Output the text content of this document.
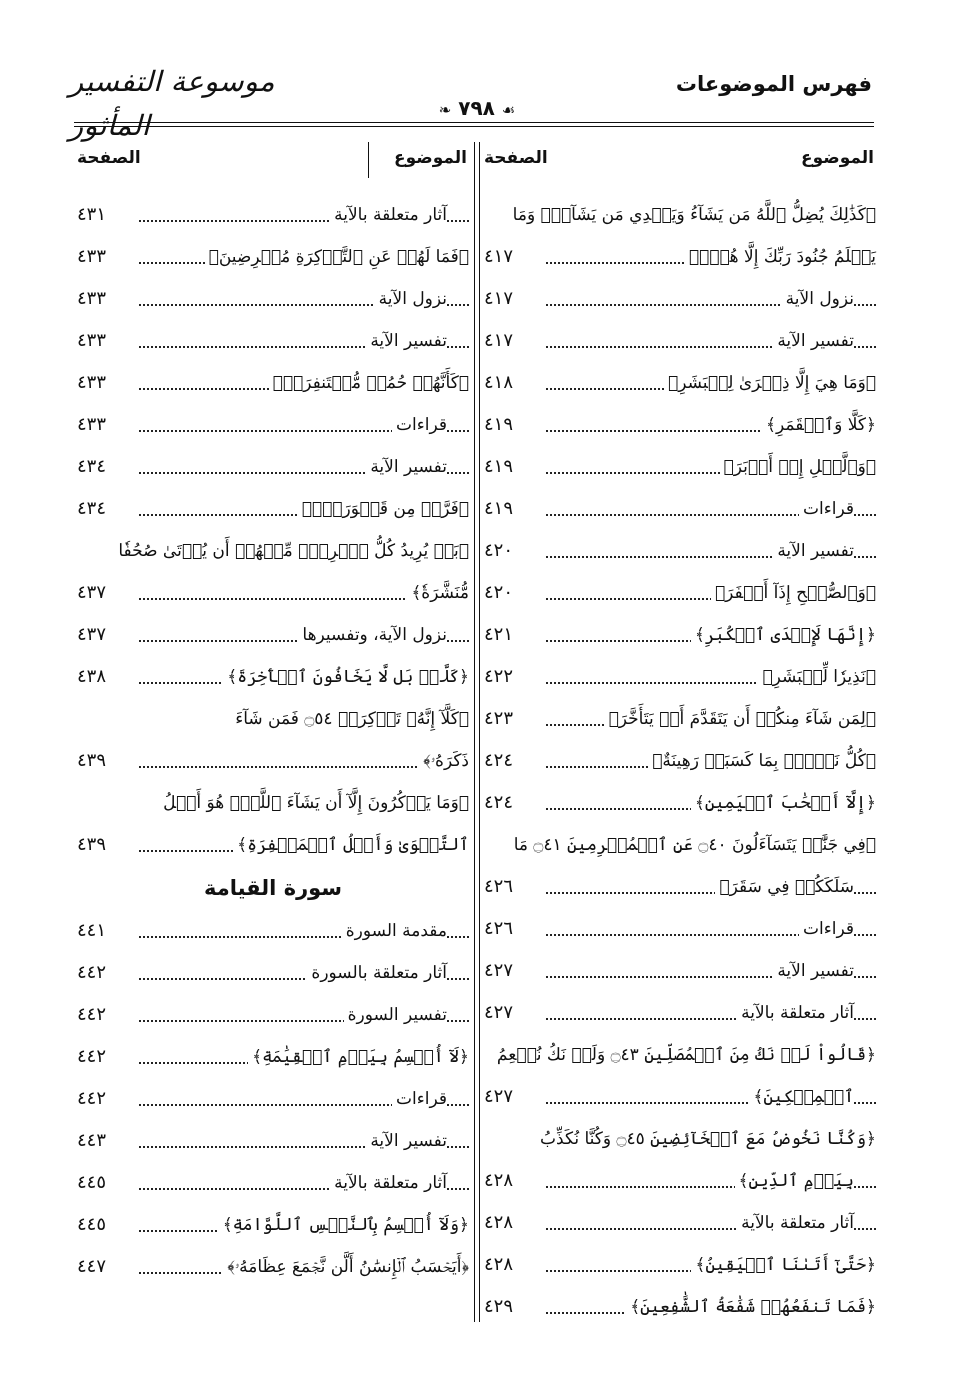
فهرس الموضوعات
موسوعة التفسير المأثور	❧ ٧٩٨ ☙
الموضوع
الصفحة
﴿كَذَٰلِكَ يُضِلُّ ٱللَّهُ مَن يَشَآءُ وَيَهۡدِي مَن يَشَآءُۚ وَمَا
يَعۡلَمُ جُنُودَ رَبِّكَ إِلَّا هُوَۚ﴾
٤١٧
نزول الآية
٤١٧
تفسير الآية
٤١٧
﴿وَمَا هِيَ إِلَّا ذِكۡرَىٰ لِلۡبَشَرِ﴾
٤١٨
﴿كَلَّا وَٱلۡقَمَرِ﴾
٤١٩
﴿وَٱلَّيۡلِ إِذۡ أَدۡبَرَ﴾
٤١٩
قراءات
٤١٩
تفسير الآية
٤٢٠
﴿وَٱلصُّبۡحِ إِذَآ أَسۡفَرَ﴾
٤٢٠
﴿إِنَّهَا لَإِحۡدَى ٱلۡكُبَرِ﴾
٤٢١
﴿نَذِيرٗا لِّلۡبَشَرِ﴾
٤٢٢
﴿لِمَن شَآءَ مِنكُمۡ أَن يَتَقَدَّمَ أَوۡ يَتَأَخَّرَ﴾
٤٢٣
﴿كُلُّ نَفۡسِۭ بِمَا كَسَبَتۡ رَهِينَةٌ﴾
٤٢٤
﴿إِلَّآ أَصۡحَٰبَ ٱلۡيَمِينِ﴾
٤٢٤
﴿فِي جَنَّٰتٖ يَتَسَآءَلُونَ ۝٤٠ عَنِ ٱلۡمُجۡرِمِينَ ۝٤١ مَا
سَلَكَكُمۡ فِي سَقَرَ﴾
٤٢٦
قراءات
٤٢٦
تفسير الآية
٤٢٧
آثار متعلقة بالآية
٤٢٧
﴿قَالُواْ لَمۡ نَكُ مِنَ ٱلۡمُصَلِّينَ ۝٤٣ وَلَمۡ نَكُ نُطۡعِمُ
ٱلۡمِسۡكِينَ﴾
٤٢٧
﴿وَكُنَّا نَخُوضُ مَعَ ٱلۡخَآئِضِينَ ۝٤٥ وَكُنَّا نُكَذِّبُ
بِيَوۡمِ ٱلدِّينِ﴾
٤٢٨
آثار متعلقة بالآية
٤٢٨
﴿حَتَّىٰٓ أَتَىٰنَا ٱلۡيَقِينُ﴾
٤٢٨
﴿فَمَا تَنفَعُهُمۡ شَفَٰعَةُ ٱلشَّٰفِعِينَ﴾
٤٢٩
الموضوع
الصفحة
آثار متعلقة بالآية
٤٣١
﴿فَمَا لَهُمۡ عَنِ ٱلتَّذۡكِرَةِ مُعۡرِضِينَ﴾
٤٣٣
نزول الآية
٤٣٣
تفسير الآية
٤٣٣
﴿كَأَنَّهُمۡ حُمُرٞ مُّسۡتَنفِرَةٞ﴾
٤٣٣
قراءات
٤٣٣
تفسير الآية
٤٣٤
﴿فَرَّتۡ مِن قَسۡوَرَةِۭ﴾
٤٣٤
﴿بَلۡ يُرِيدُ كُلُّ ٱمۡرِيٕٖ مِّنۡهُمۡ أَن يُؤۡتَىٰ صُحُفٗا
مُّنَشَّرَةٗ﴾
٤٣٧
نزول الآية، وتفسيرها
٤٣٧
﴿كَلَّاۖ بَل لَّا يَخَافُونَ ٱلۡأٓخِرَةَ﴾
٤٣٨
﴿كَلَّآ إِنَّهُۥ تَذۡكِرَةٞ ۝٥٤ فَمَن شَآءَ
ذَكَرَهُۥ﴾
٤٣٩
﴿وَمَا يَذۡكُرُونَ إِلَّآ أَن يَشَآءَ ٱللَّهُۚ هُوَ أَهۡلُ
ٱلتَّقۡوَىٰ وَأَهۡلُ ٱلۡمَغۡفِرَةِ﴾
٤٣٩
سورة القيامة
مقدمة السورة
٤٤١
آثار متعلقة بالسورة
٤٤٢
تفسير السورة
٤٤٢
﴿لَآ أُقۡسِمُ بِيَوۡمِ ٱلۡقِيَٰمَةِ﴾
٤٤٢
قراءات
٤٤٢
تفسير الآية
٤٤٣
آثار متعلقة بالآية
٤٤٥
﴿وَلَآ أُقۡسِمُ بِٱلنَّفۡسِ ٱللَّوَّامَةِ﴾
٤٤٥
﴿أَيَحۡسَبُ ٱلۡإِنسَٰنُ أَلَّن نَّجۡمَعَ عِظَامَهُۥ﴾
٤٤٧
